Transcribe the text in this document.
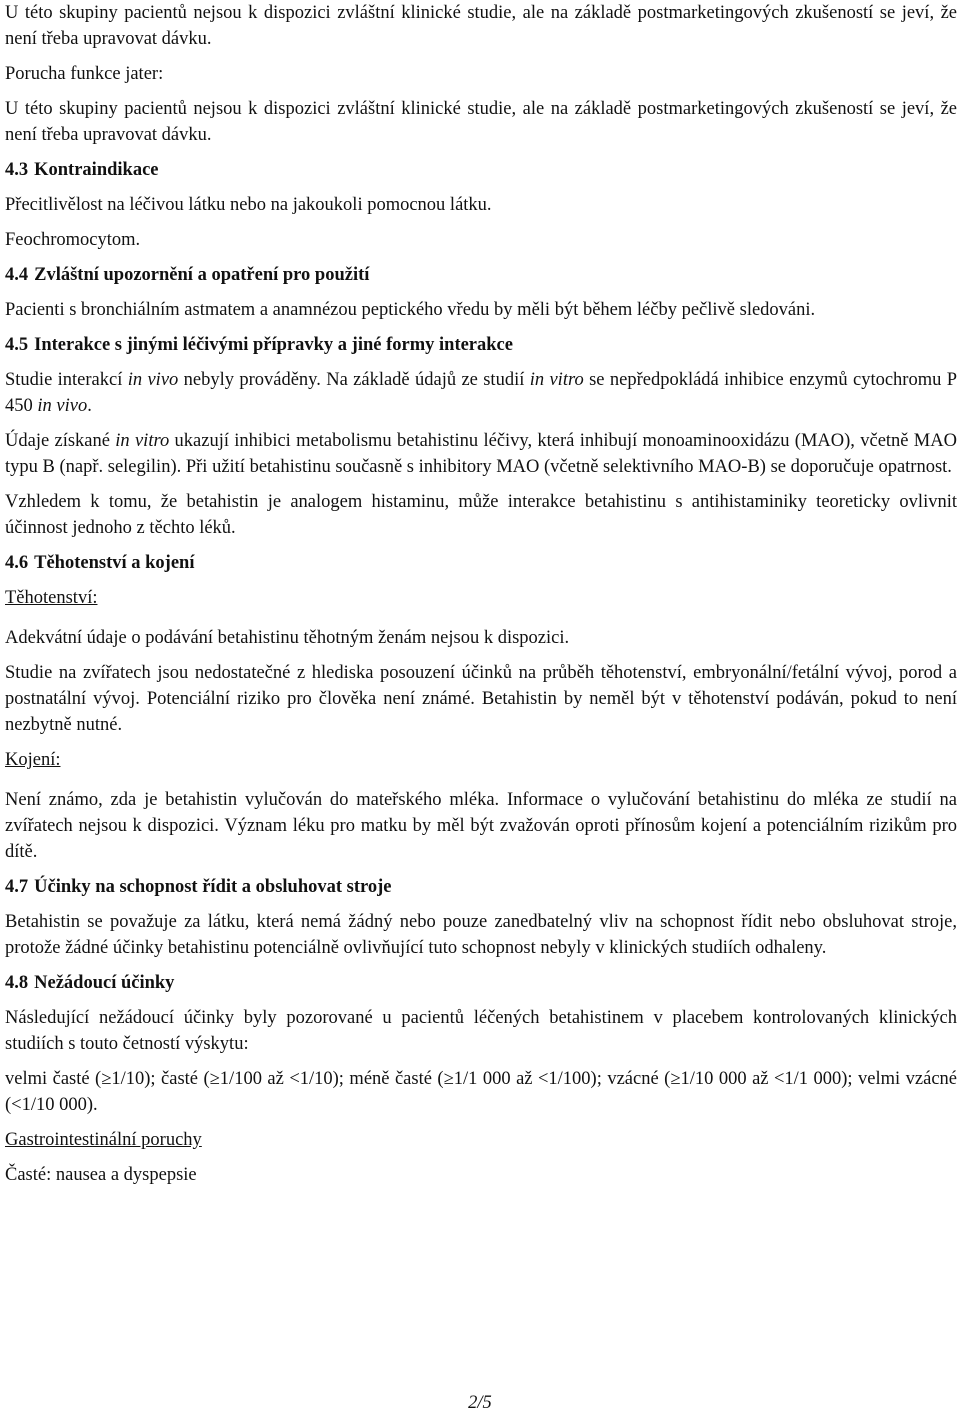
U této skupiny pacientů nejsou k dispozici zvláštní klinické studie, ale na základě postmarketingových zkušeností se jeví, že není třeba upravovat dávku.

Porucha funkce jater:

U této skupiny pacientů nejsou k dispozici zvláštní klinické studie, ale na základě postmarketingových zkušeností se jeví, že není třeba upravovat dávku.

4.3 Kontraindikace

Přecitlivělost na léčivou látku nebo na jakoukoli pomocnou látku.

Feochromocytom.

4.4 Zvláštní upozornění a opatření pro použití

Pacienti s bronchiálním astmatem a anamnézou peptického vředu by měli být během léčby pečlivě sledováni.

4.5 Interakce s jinými léčivými přípravky a jiné formy interakce

Studie interakcí in vivo nebyly prováděny. Na základě údajů ze studií in vitro se nepředpokládá inhibice enzymů cytochromu P 450 in vivo.

Údaje získané in vitro ukazují inhibici metabolismu betahistinu léčivy, která inhibují monoaminooxidázu (MAO), včetně MAO typu B (např. selegilin). Při užití betahistinu současně s inhibitory MAO (včetně selektivního MAO-B) se doporučuje opatrnost.

Vzhledem k tomu, že betahistin je analogem histaminu, může interakce betahistinu s antihistaminiky teoreticky ovlivnit účinnost jednoho z těchto léků.

4.6 Těhotenství a kojení

Těhotenství:

Adekvátní údaje o podávání betahistinu těhotným ženám nejsou k dispozici.

Studie na zvířatech jsou nedostatečné z hlediska posouzení účinků na průběh těhotenství, embryonální/fetální vývoj, porod a postnatální vývoj. Potenciální riziko pro člověka není známé. Betahistin by neměl být v těhotenství podáván, pokud to není nezbytně nutné.

Kojení:

Není známo, zda je betahistin vylučován do mateřského mléka. Informace o vylučování betahistinu do mléka ze studií na zvířatech nejsou k dispozici. Význam léku pro matku by měl být zvažován oproti přínosům kojení a potenciálním rizikům pro dítě.

4.7 Účinky na schopnost řídit a obsluhovat stroje

Betahistin se považuje za látku, která nemá žádný nebo pouze zanedbatelný vliv na schopnost řídit nebo obsluhovat stroje, protože žádné účinky betahistinu potenciálně ovlivňující tuto schopnost nebyly v klinických studiích odhaleny.

4.8 Nežádoucí účinky

Následující nežádoucí účinky byly pozorované u pacientů léčených betahistinem v placebem kontrolovaných klinických studiích s touto četností výskytu:

velmi časté (≥1/10); časté (≥1/100 až <1/10); méně časté (≥1/1 000 až <1/100); vzácné (≥1/10 000 až <1/1 000); velmi vzácné (<1/10 000).

Gastrointestinální poruchy

Časté: nausea a dyspepsie

2/5
